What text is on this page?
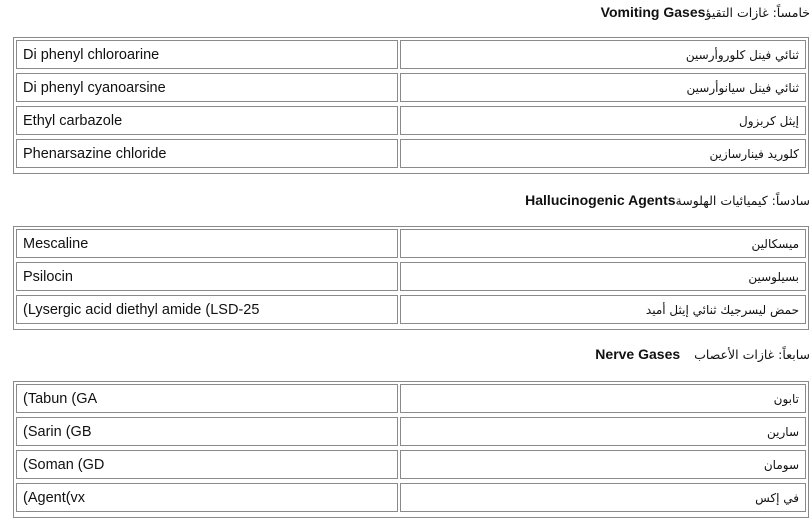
Vomiting Gasesخامساً: غازات التقيؤ
Di phenyl chloroarine	ثنائي فينل كلوروأرسين
Di phenyl cyanoarsine	ثنائي فينل سيانوأرسين
Ethyl carbazole	إيثل كربزول
Phenarsazine chloride	كلوريد فينارسازين
Hallucinogenic Agentsسادساً: كيميائيات الهلوسة
Mescaline	ميسكالين
Psilocin	بسيلوسين
(Lysergic acid diethyl amide (LSD-25	حمض ليسرجيك ثنائي إيثل أميد
Nerve Gases سابعاً: غازات الأعصاب
(Tabun (GA	تابون
(Sarin (GB	سارين
(Soman (GD	سومان
(Agent(vx	في إكس
